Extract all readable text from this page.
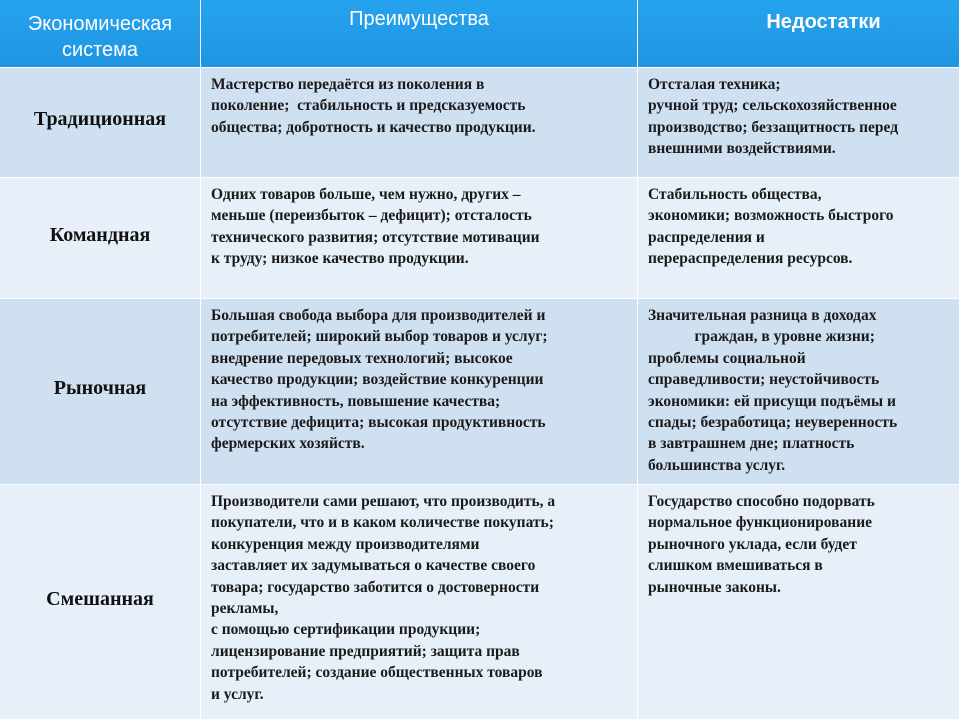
Экономическая
система
Преимущества	Недостатки
Традиционная
Мастерство передаётся из поколения в
поколение;  стабильность и предсказуемость
общества; добротность и качество продукции.
Отсталая техника;
ручной труд; сельскохозяйственное
производство; беззащитность перед
внешними воздействиями.
Командная
Одних товаров больше, чем нужно, других –
меньше (переизбыток – дефицит); отсталость
технического развития; отсутствие мотивации
к труду; низкое качество продукции.
Стабильность общества,
экономики; возможность быстрого
распределения и
перераспределения ресурсов.
Рыночная
Большая свобода выбора для производителей и
потребителей; широкий выбор товаров и услуг;
внедрение передовых технологий; высокое
качество продукции; воздействие конкуренции
на эффективность, повышение качества;
отсутствие дефицита; высокая продуктивность
фермерских хозяйств.
Значительная разница в доходах
граждан, в уровне жизни;
проблемы социальной
справедливости; неустойчивость
экономики: ей присущи подъёмы и
спады; безработица; неуверенность
в завтрашнем дне; платность
большинства услуг.
Смешанная
Производители сами решают, что производить, а
покупатели, что и в каком количестве покупать;
конкуренция между производителями
заставляет их задумываться о качестве своего
товара; государство заботится о достоверности
рекламы,
с помощью сертификации продукции;
лицензирование предприятий; защита прав
потребителей; создание общественных товаров
и услуг.
Государство способно подорвать
нормальное функционирование
рыночного уклада, если будет
слишком вмешиваться в
рыночные законы.
